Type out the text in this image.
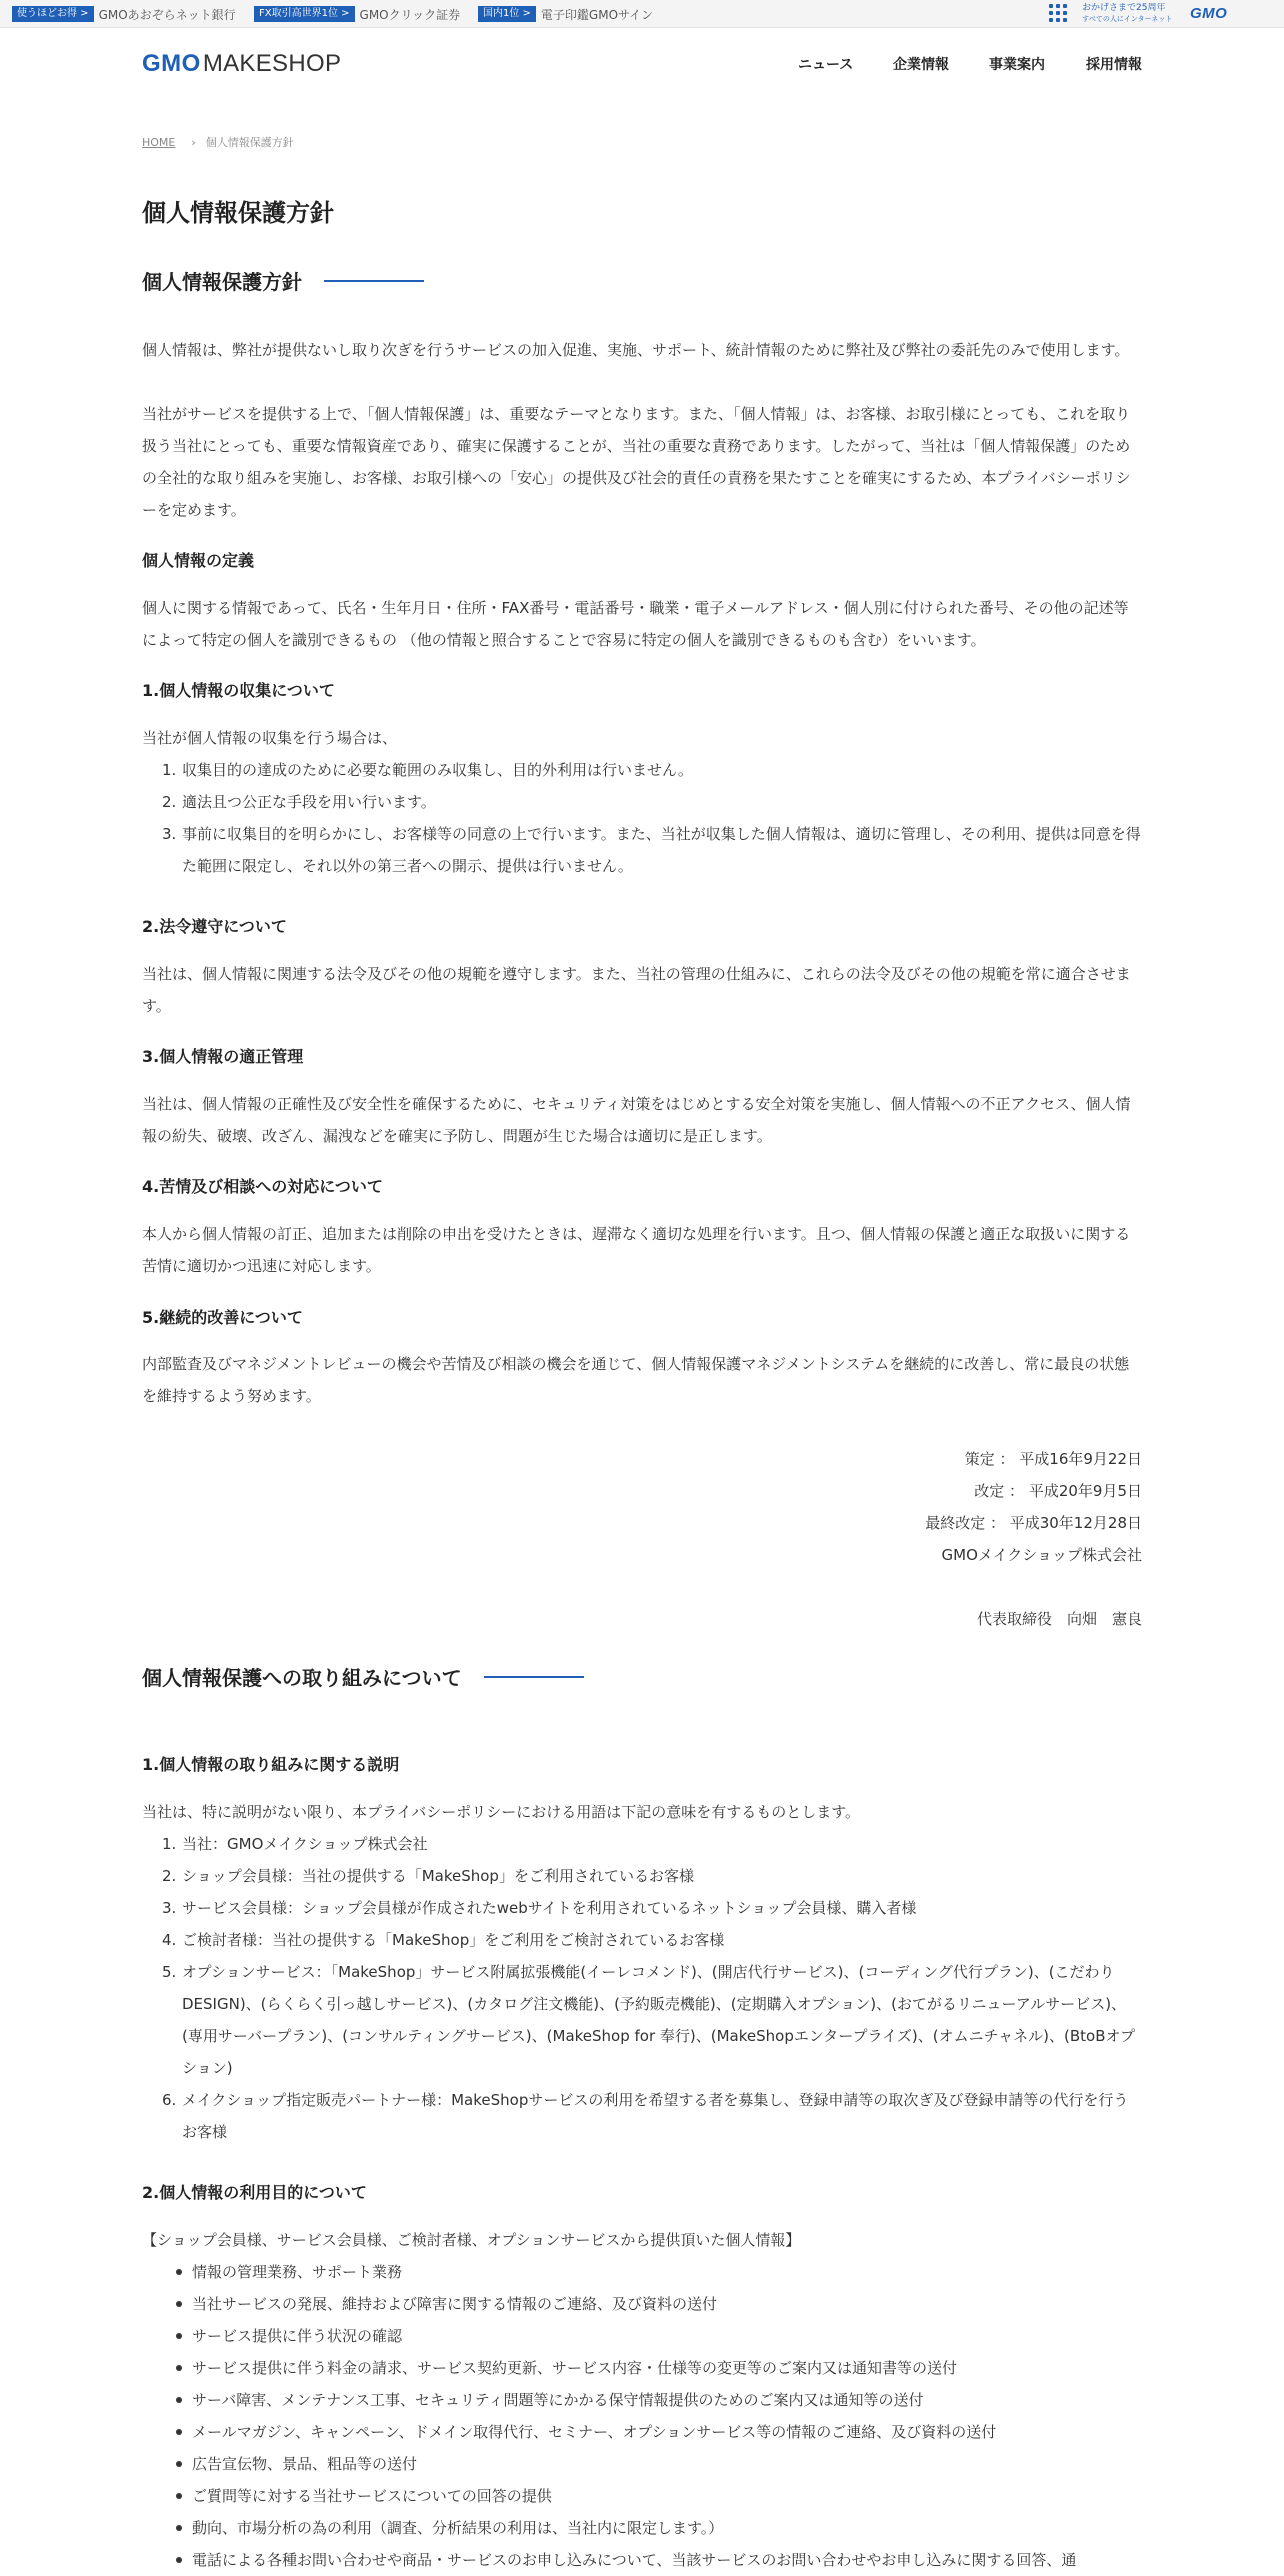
使うほどお得 > GMOあおぞらネット銀行	FX取引高世界1位 > GMOクリック証券	国内1位 > 電子印鑑GMOサイン	おかげさまで25周年
すべての人にインターネット GMO
GMO MAKESHOP	ニュース	企業情報	事業案内	採用情報
HOME › 個人情報保護方針
個人情報保護方針
個人情報保護方針

個人情報は、弊社が提供ないし取り次ぎを行うサービスの加入促進、実施、サポート、統計情報のために弊社及び弊社の委託先のみで使用します。

当社がサービスを提供する上で、「個人情報保護」は、重要なテーマとなります。また、「個人情報」は、お客様、お取引様にとっても、これを取り扱う当社にとっても、重要な情報資産であり、確実に保護することが、当社の重要な責務であります。したがって、当社は「個人情報保護」のための全社的な取り組みを実施し、お客様、お取引様への「安心」の提供及び社会的責任の責務を果たすことを確実にするため、本プライバシーポリシーを定めます。

個人情報の定義

個人に関する情報であって、氏名・生年月日・住所・FAX番号・電話番号・職業・電子メールアドレス・個人別に付けられた番号、その他の記述等によって特定の個人を識別できるもの （他の情報と照合することで容易に特定の個人を識別できるものも含む）をいいます。

1.個人情報の収集について

当社が個人情報の収集を行う場合は、

1. 収集目的の達成のために必要な範囲のみ収集し、目的外利用は行いません。
2. 適法且つ公正な手段を用い行います。
3. 事前に収集目的を明らかにし、お客様等の同意の上で行います。また、当社が収集した個人情報は、適切に管理し、その利用、提供は同意を得た範囲に限定し、それ以外の第三者への開示、提供は行いません。
2.法令遵守について

当社は、個人情報に関連する法令及びその他の規範を遵守します。また、当社の管理の仕組みに、これらの法令及びその他の規範を常に適合させます。

3.個人情報の適正管理

当社は、個人情報の正確性及び安全性を確保するために、セキュリティ対策をはじめとする安全対策を実施し、個人情報への不正アクセス、個人情報の紛失、破壊、改ざん、漏洩などを確実に予防し、問題が生じた場合は適切に是正します。

4.苦情及び相談への対応について

本人から個人情報の訂正、追加または削除の申出を受けたときは、遅滞なく適切な処理を行います。且つ、個人情報の保護と適正な取扱いに関する苦情に適切かつ迅速に対応します。

5.継続的改善について

内部監査及びマネジメントレビューの機会や苦情及び相談の機会を通じて、個人情報保護マネジメントシステムを継続的に改善し、常に最良の状態を維持するよう努めます。

策定 ： 平成16年9月22日
改定 ： 平成20年9月5日
最終改定 ： 平成30年12月28日
GMOメイクショップ株式会社
代表取締役　向畑　憲良
個人情報保護への取り組みについて
1.個人情報の取り組みに関する説明

当社は、特に説明がない限り、本プライバシーポリシーにおける用語は下記の意味を有するものとします。

1. 当社：GMOメイクショップ株式会社
2. ショップ会員様：当社の提供する「MakeShop」をご利用されているお客様
3. サービス会員様：ショップ会員様が作成されたwebサイトを利用されているネットショップ会員様、購入者様
4. ご検討者様：当社の提供する「MakeShop」をご利用をご検討されているお客様
5. オプションサービス：「MakeShop」サービス附属拡張機能(イーレコメンド)、(開店代行サービス)、(コーディング代行プラン)、(こだわりDESIGN)、(らくらく引っ越しサービス)、(カタログ注文機能)、(予約販売機能)、(定期購入オプション)、(おてがるリニューアルサービス)、(専用サーバープラン)、(コンサルティングサービス)、(MakeShop for 奉行)、(MakeShopエンタープライズ)、(オムニチャネル)、(BtoBオプション)
6. メイクショップ指定販売パートナー様：MakeShopサービスの利用を希望する者を募集し、登録申請等の取次ぎ及び登録申請等の代行を行うお客様
2.個人情報の利用目的について

【ショップ会員様、サービス会員様、ご検討者様、オプションサービスから提供頂いた個人情報】

情報の管理業務、サポート業務
当社サービスの発展、維持および障害に関する情報のご連絡、及び資料の送付
サービス提供に伴う状況の確認
サービス提供に伴う料金の請求、サービス契約更新、サービス内容・仕様等の変更等のご案内又は通知書等の送付
サーバ障害、メンテナンス工事、セキュリティ問題等にかかる保守情報提供のためのご案内又は通知等の送付
メールマガジン、キャンペーン、ドメイン取得代行、セミナー、オプションサービス等の情報のご連絡、及び資料の送付
広告宣伝物、景品、粗品等の送付
ご質問等に対する当社サービスについての回答の提供
動向、市場分析の為の利用（調査、分析結果の利用は、当社内に限定します。）
電話による各種お問い合わせや商品・サービスのお申し込みについて、当該サービスのお問い合わせやお申し込みに関する回答、通
